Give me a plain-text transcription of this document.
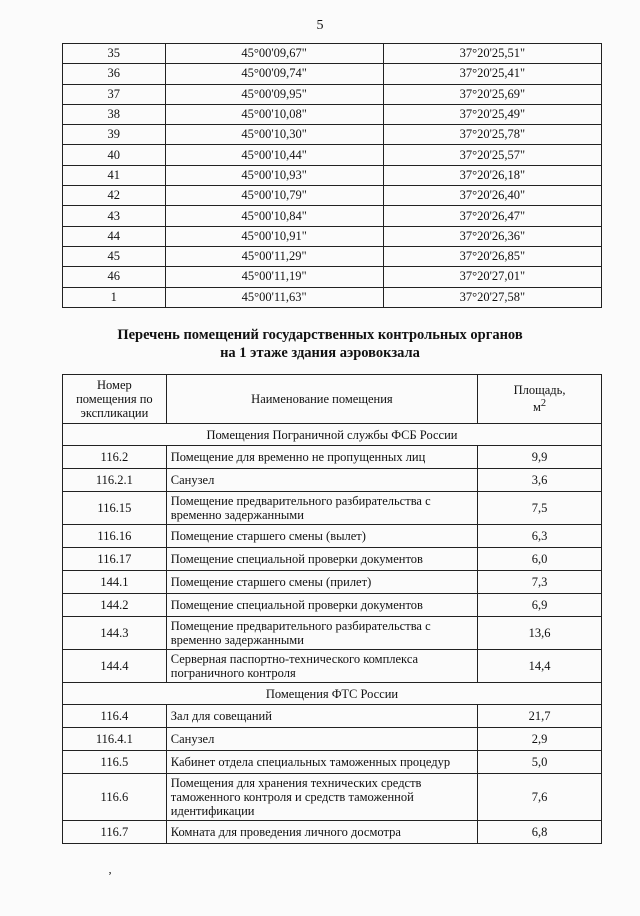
5
35	45°00'09,67"	37°20'25,51"
36	45°00'09,74"	37°20'25,41"
37	45°00'09,95"	37°20'25,69"
38	45°00'10,08"	37°20'25,49"
39	45°00'10,30"	37°20'25,78"
40	45°00'10,44"	37°20'25,57"
41	45°00'10,93"	37°20'26,18"
42	45°00'10,79"	37°20'26,40"
43	45°00'10,84"	37°20'26,47"
44	45°00'10,91"	37°20'26,36"
45	45°00'11,29"	37°20'26,85"
46	45°00'11,19"	37°20'27,01"
1	45°00'11,63"	37°20'27,58"
Перечень помещений государственных контрольных органов
на 1 этаже здания аэровокзала
Номер помещения по экспликации	Наименование помещения	Площадь,
$м^2$
Помещения Пограничной службы ФСБ России		
116.2	Помещение для временно не пропущенных лиц	9,9
116.2.1	Санузел	3,6
116.15	Помещение предварительного разбирательства с временно задержанными	7,5
116.16	Помещение старшего смены (вылет)	6,3
116.17	Помещение специальной проверки документов	6,0
144.1	Помещение старшего смены (прилет)	7,3
144.2	Помещение специальной проверки документов	6,9
144.3	Помещение предварительного разбирательства с временно задержанными	13,6
144.4	Серверная паспортно-технического комплекса пограничного контроля	14,4
Помещения ФТС России		
116.4	Зал для совещаний	21,7
116.4.1	Санузел	2,9
116.5	Кабинет отдела специальных таможенных процедур	5,0
116.6	Помещения для хранения технических средств таможенного контроля и средств таможенной идентификации	7,6
116.7	Комната для проведения личного досмотра	6,8
ʼ
